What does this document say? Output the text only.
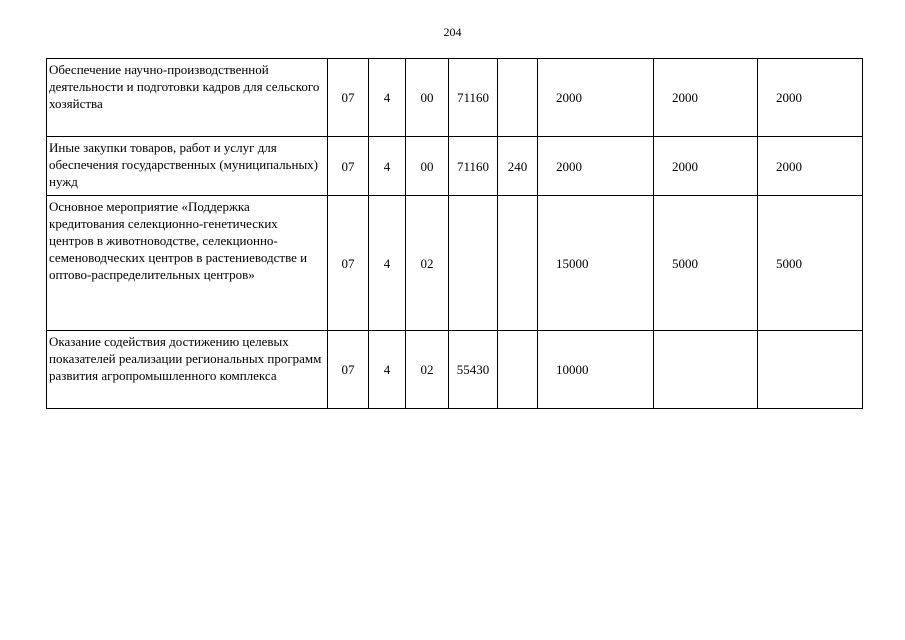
204
Обеспечение научно-производственной деятельности и подготовки кадров для сельского хозяйства	07	4	00	71160		2000	2000	2000

Иные закупки товаров, работ и услуг для обеспечения государственных (муниципальных) нужд	07	4	00	71160	240	2000	2000	2000

Основное мероприятие «Поддержка кредитования селекционно-генетических центров в животноводстве, селекционно-семеноводческих центров в растениеводстве и оптово-распределительных центров»	07	4	02			15000	5000	5000

Оказание содействия достижению целевых показателей реализации региональных программ развития агропромышленного комплекса	07	4	02	55430		10000		
